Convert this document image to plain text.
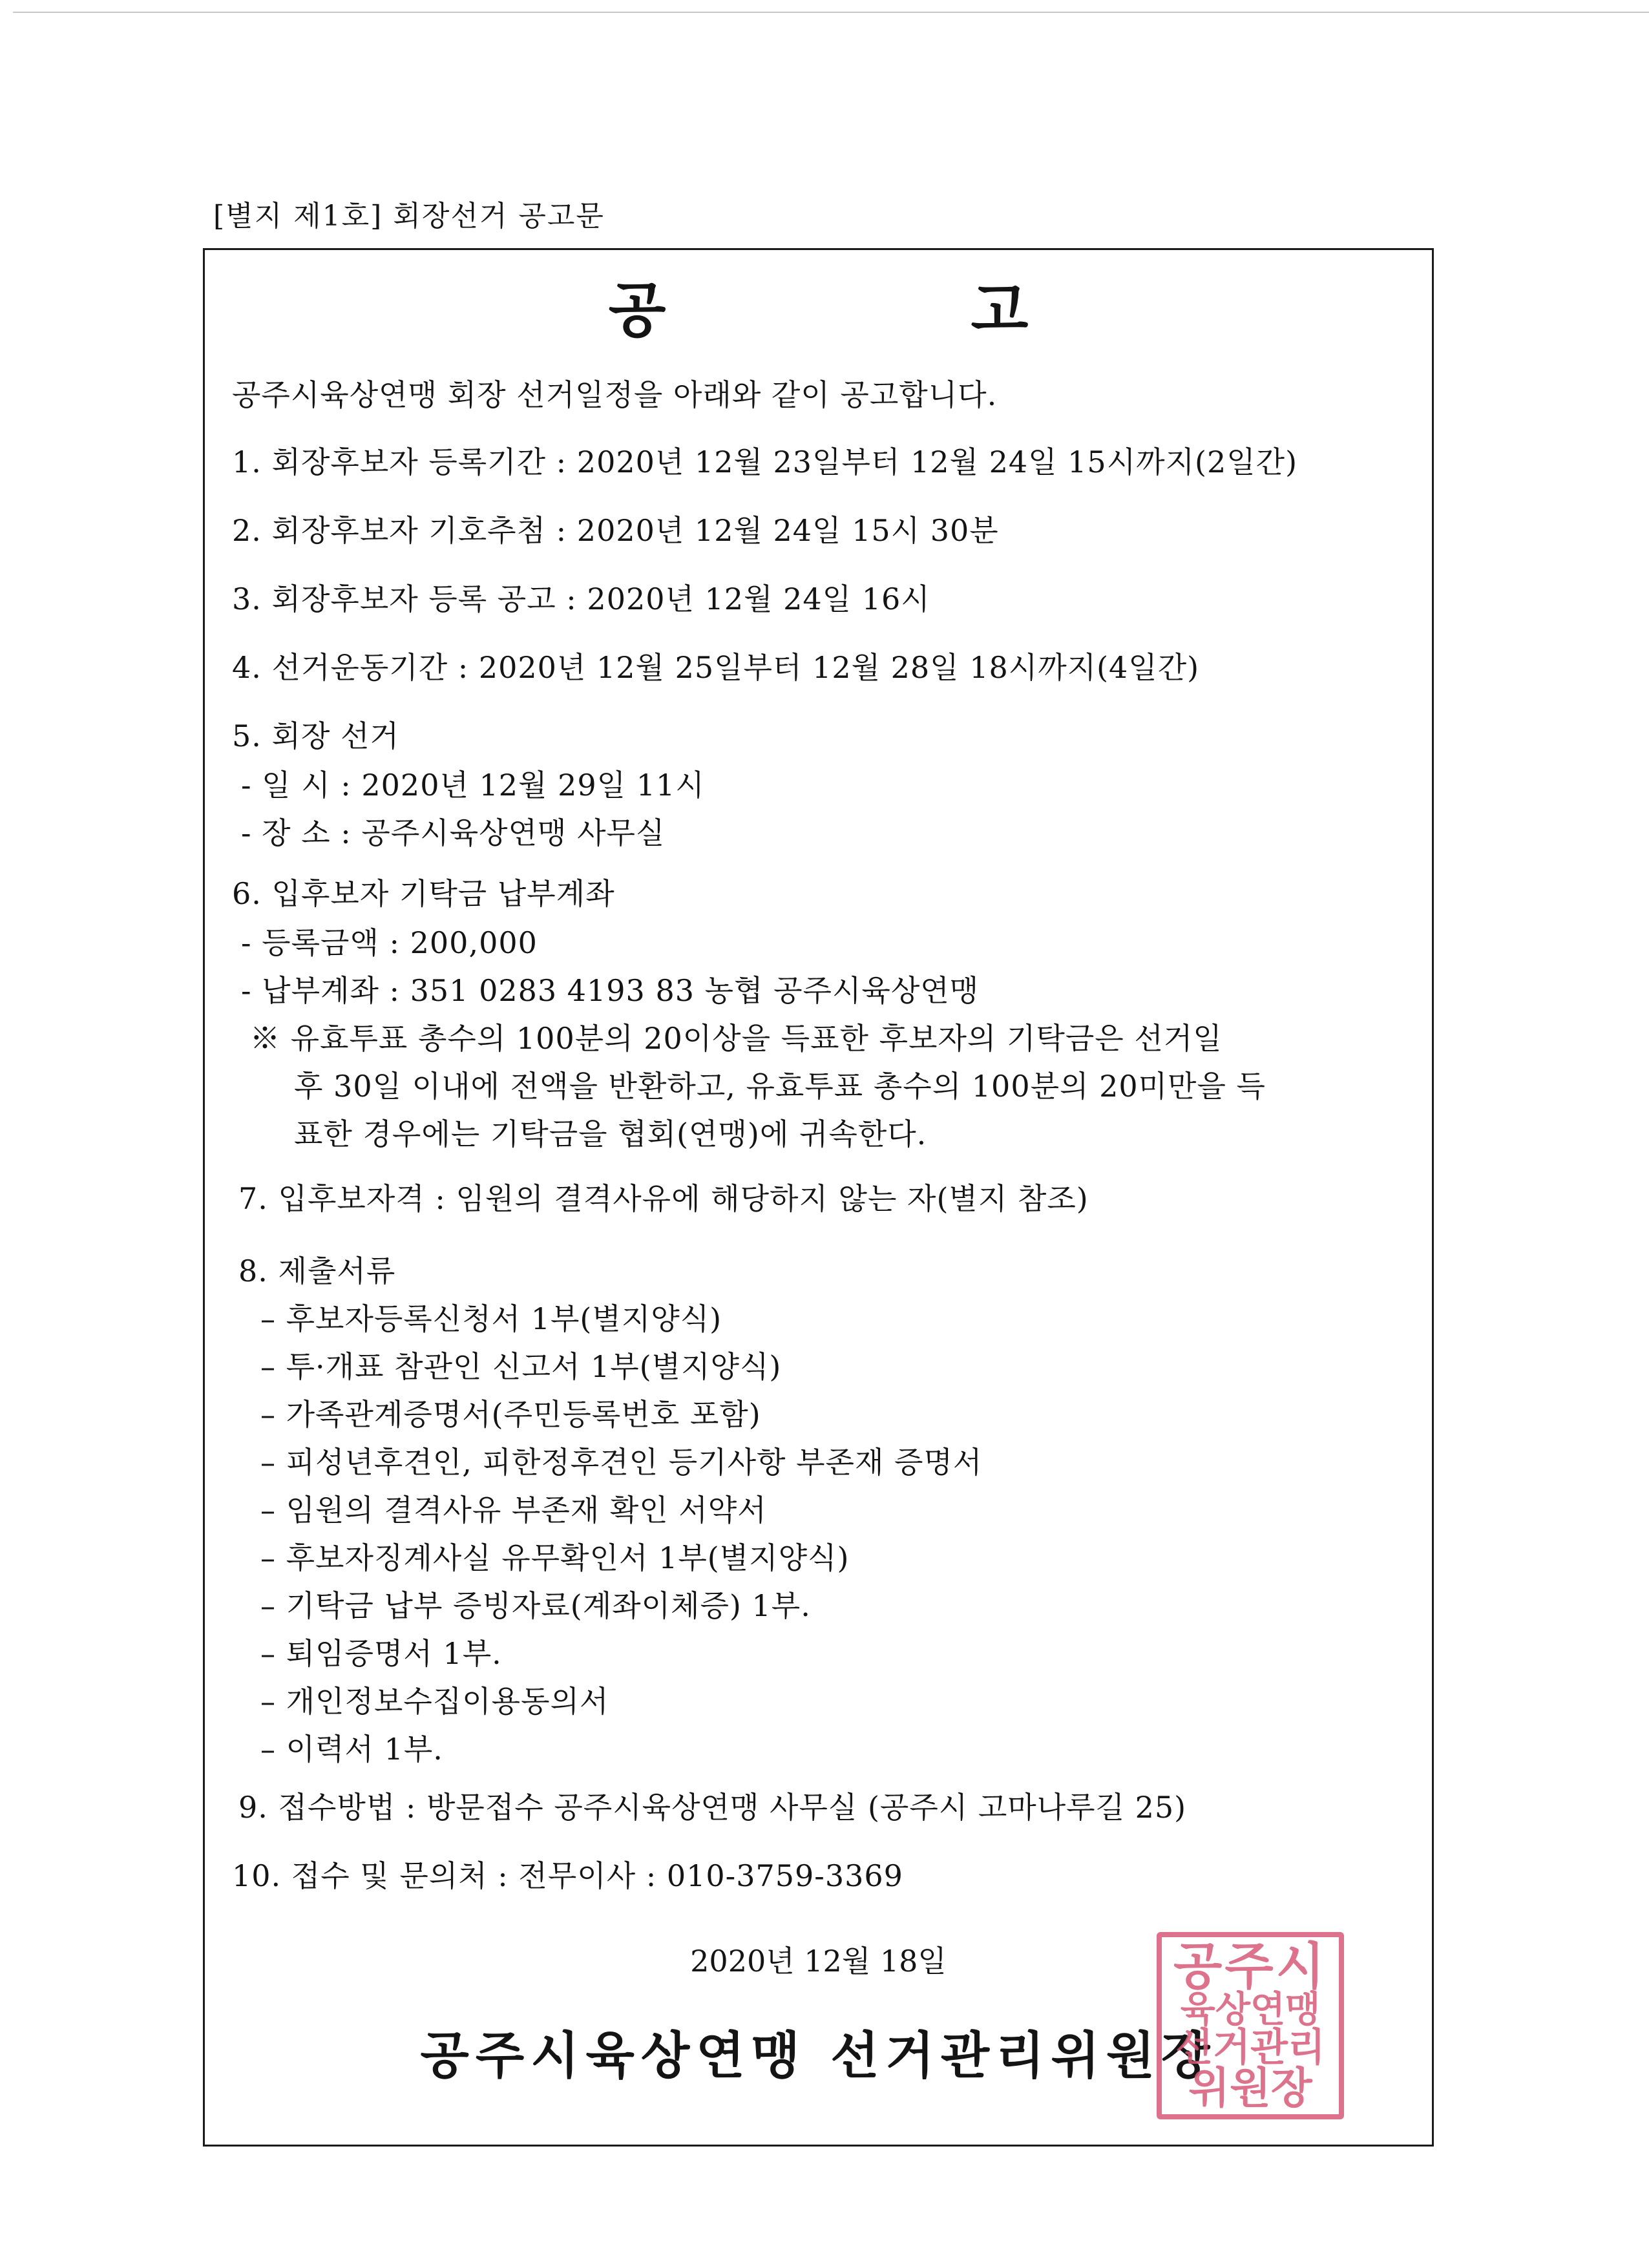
[별지 제1호] 회장선거 공고문
공 고
공주시육상연맹 회장 선거일정을 아래와 같이 공고합니다.
1. 회장후보자 등록기간 : 2020년 12월 23일부터 12월 24일 15시까지(2일간)
2. 회장후보자 기호추첨 : 2020년 12월 24일 15시 30분
3. 회장후보자 등록 공고 : 2020년 12월 24일 16시
4. 선거운동기간 : 2020년 12월 25일부터 12월 28일 18시까지(4일간)
5. 회장 선거
- 일 시 : 2020년 12월 29일 11시
- 장 소 : 공주시육상연맹 사무실
6. 입후보자 기탁금 납부계좌
- 등록금액 : 200,000
- 납부계좌 : 351 0283 4193 83 농협 공주시육상연맹
※ 유효투표 총수의 100분의 20이상을 득표한 후보자의 기탁금은 선거일
후 30일 이내에 전액을 반환하고, 유효투표 총수의 100분의 20미만을 득
표한 경우에는 기탁금을 협회(연맹)에 귀속한다.
7. 입후보자격 : 임원의 결격사유에 해당하지 않는 자(별지 참조)
8. 제출서류
– 후보자등록신청서 1부(별지양식)
– 투·개표 참관인 신고서 1부(별지양식)
– 가족관계증명서(주민등록번호 포함)
– 피성년후견인, 피한정후견인 등기사항 부존재 증명서
– 임원의 결격사유 부존재 확인 서약서
– 후보자징계사실 유무확인서 1부(별지양식)
– 기탁금 납부 증빙자료(계좌이체증) 1부.
– 퇴임증명서 1부.
– 개인정보수집이용동의서
– 이력서 1부.
9. 접수방법 : 방문접수 공주시육상연맹 사무실 (공주시 고마나루길 25)
10. 접수 및 문의처 : 전무이사 : 010-3759-3369
2020년 12월 18일
공주시육상연맹 선거관리위원장
공주시
육상연맹
선거관리
위원장
